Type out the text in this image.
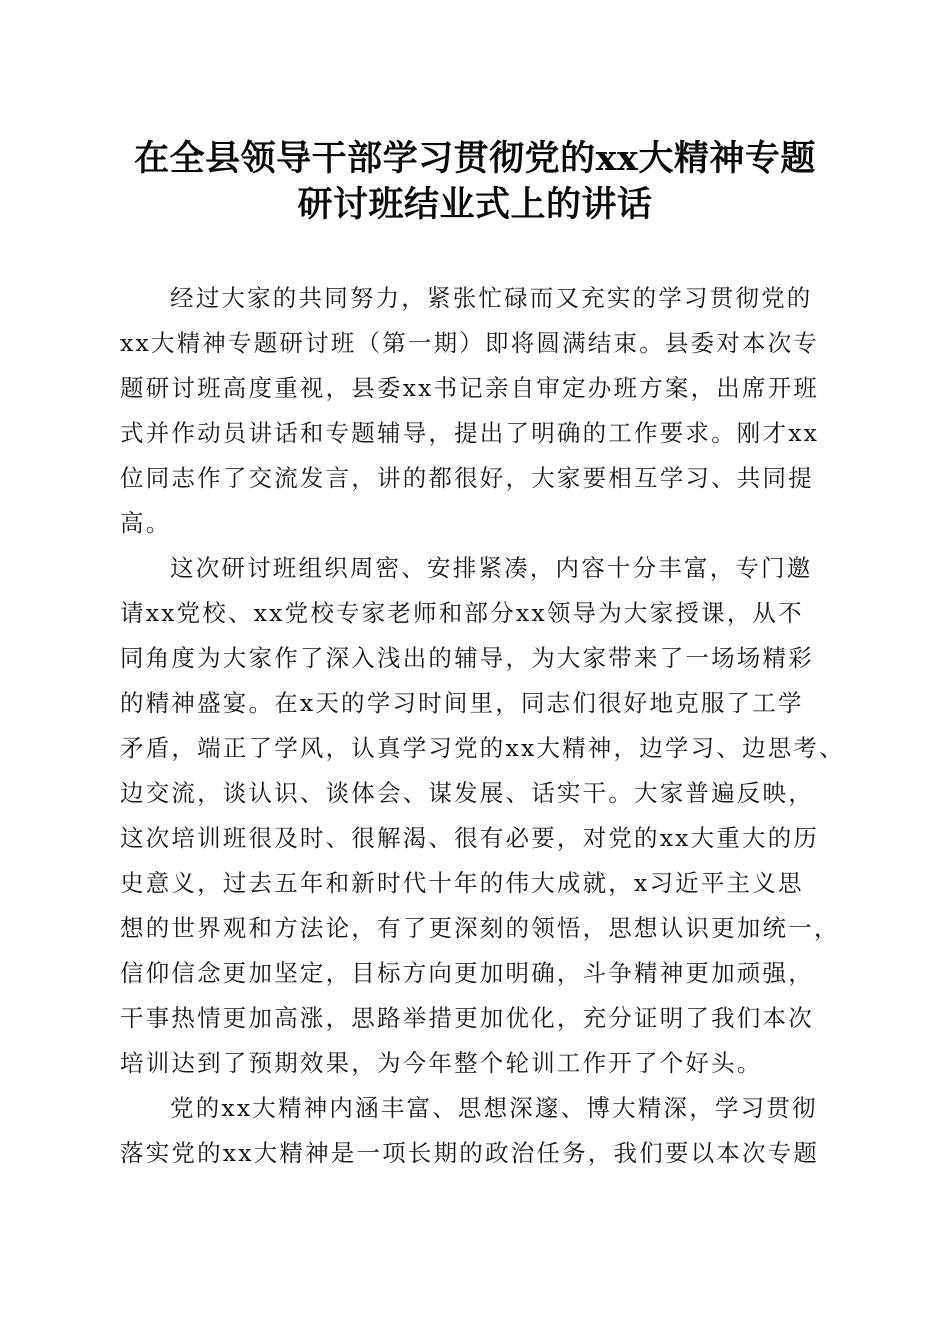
在全县领导干部学习贯彻党的xx大精神专题
研讨班结业式上的讲话
经过大家的共同努力，紧张忙碌而又充实的学习贯彻党的
xx大精神专题研讨班（第一期）即将圆满结束。县委对本次专
题研讨班高度重视，县委xx书记亲自审定办班方案，出席开班
式并作动员讲话和专题辅导，提出了明确的工作要求。刚才xx
位同志作了交流发言，讲的都很好，大家要相互学习、共同提
高。
这次研讨班组织周密、安排紧凑，内容十分丰富，专门邀
请xx党校、xx党校专家老师和部分xx领导为大家授课，从不
同角度为大家作了深入浅出的辅导，为大家带来了一场场精彩
的精神盛宴。在x天的学习时间里，同志们很好地克服了工学
矛盾，端正了学风，认真学习党的xx大精神，边学习、边思考、
边交流，谈认识、谈体会、谋发展、话实干。大家普遍反映，
这次培训班很及时、很解渴、很有必要，对党的xx大重大的历
史意义，过去五年和新时代十年的伟大成就，x习近平主义思
想的世界观和方法论，有了更深刻的领悟，思想认识更加统一，
信仰信念更加坚定，目标方向更加明确，斗争精神更加顽强，
干事热情更加高涨，思路举措更加优化，充分证明了我们本次
培训达到了预期效果，为今年整个轮训工作开了个好头。
党的xx大精神内涵丰富、思想深邃、博大精深，学习贯彻
落实党的xx大精神是一项长期的政治任务，我们要以本次专题
